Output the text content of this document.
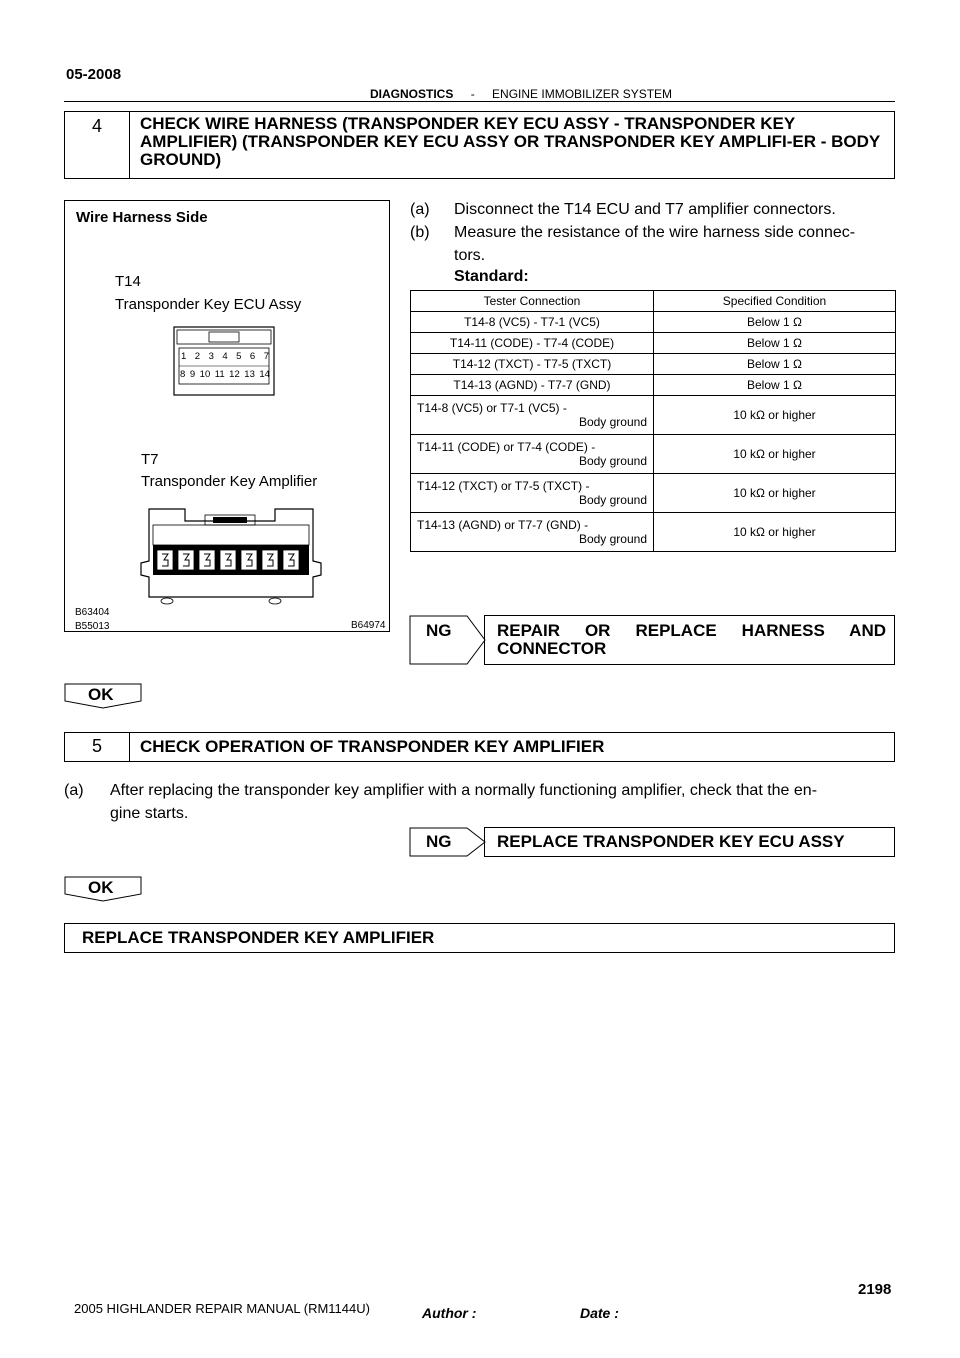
05-2008
DIAGNOSTICS - ENGINE IMMOBILIZER SYSTEM
4	CHECK WIRE HARNESS (TRANSPONDER KEY ECU ASSY - TRANSPONDER KEY AMPLIFIER) (TRANSPONDER KEY ECU ASSY OR TRANSPONDER KEY AMPLIFI-ER - BODY GROUND)
Wire Harness Side
T14
Transponder Key ECU Assy
1 2 3 4 5 6 7
8 9 10 11 12 13 14
T7
Transponder Key Amplifier
B63404
B55013	B64974
(a) Disconnect the T14 ECU and T7 amplifier connectors.
(b) Measure the resistance of the wire harness side connec-
tors.
Standard:
Tester Connection	Specified Condition
T14-8 (VC5) - T7-1 (VC5)	Below 1 Ω
T14-11 (CODE) - T7-4 (CODE)	Below 1 Ω
T14-12 (TXCT) - T7-5 (TXCT)	Below 1 Ω
T14-13 (AGND) - T7-7 (GND)	Below 1 Ω

T14-8 (VC5) or T7-1 (VC5) -
Body ground	10 kΩ or higher

T14-11 (CODE) or T7-4 (CODE) -
Body ground	10 kΩ or higher

T14-12 (TXCT) or T7-5 (TXCT) -
Body ground	10 kΩ or higher

T14-13 (AGND) or T7-7 (GND) -
Body ground	10 kΩ or higher
NG	REPAIR OR REPLACE HARNESS AND
CONNECTOR
OK
5	CHECK OPERATION OF TRANSPONDER KEY AMPLIFIER
(a) After replacing the transponder key amplifier with a normally functioning amplifier, check that the en-
gine starts.
NG	REPLACE TRANSPONDER KEY ECU ASSY
OK
REPLACE TRANSPONDER KEY AMPLIFIER
2005 HIGHLANDER REPAIR MANUAL (RM1144U)
2198
Author :	Date :
